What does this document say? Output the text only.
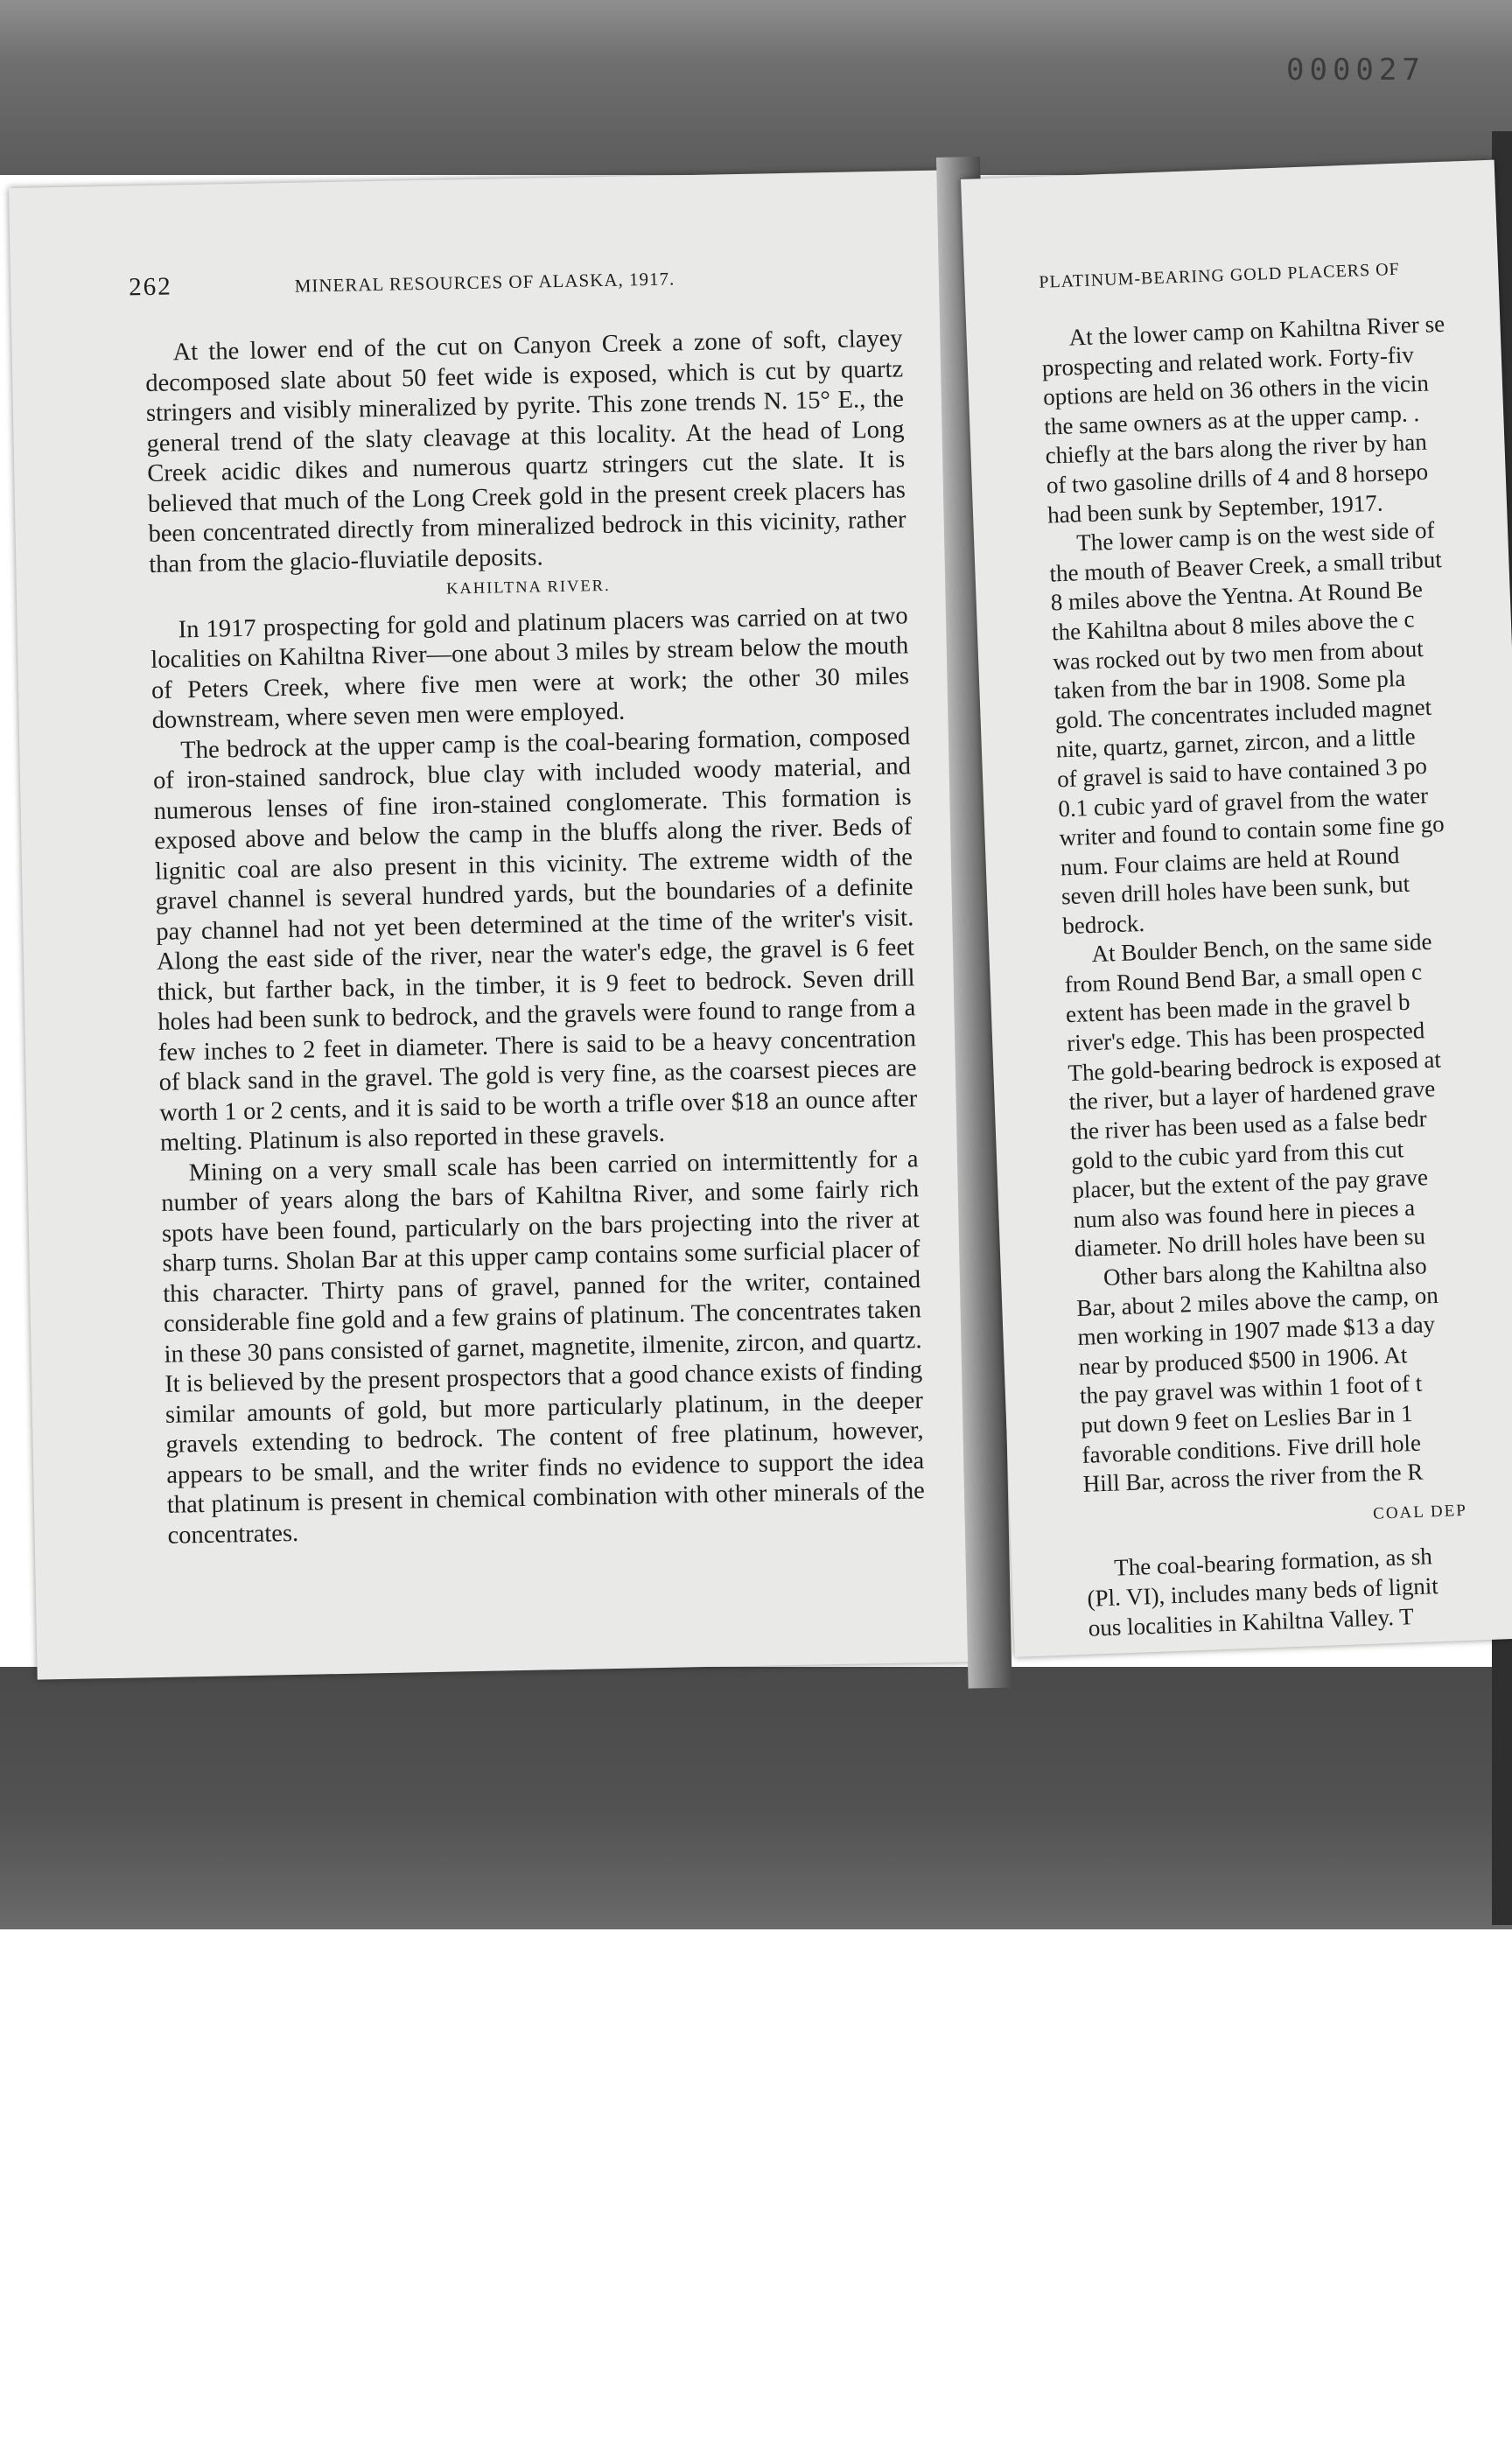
000027
262	MINERAL RESOURCES OF ALASKA, 1917.

At the lower end of the cut on Canyon Creek a zone of soft, clayey decomposed slate about 50 feet wide is exposed, which is cut by quartz stringers and visibly mineralized by pyrite. This zone trends N. 15° E., the general trend of the slaty cleavage at this locality. At the head of Long Creek acidic dikes and numerous quartz stringers cut the slate. It is believed that much of the Long Creek gold in the present creek placers has been concentrated directly from mineralized bedrock in this vicinity, rather than from the glacio-fluviatile deposits.

KAHILTNA RIVER.

In 1917 prospecting for gold and platinum placers was carried on at two localities on Kahiltna River—one about 3 miles by stream below the mouth of Peters Creek, where five men were at work; the other 30 miles downstream, where seven men were employed.

The bedrock at the upper camp is the coal-bearing formation, composed of iron-stained sandrock, blue clay with included woody material, and numerous lenses of fine iron-stained conglomerate. This formation is exposed above and below the camp in the bluffs along the river. Beds of lignitic coal are also present in this vicinity. The extreme width of the gravel channel is several hundred yards, but the boundaries of a definite pay channel had not yet been determined at the time of the writer's visit. Along the east side of the river, near the water's edge, the gravel is 6 feet thick, but farther back, in the timber, it is 9 feet to bedrock. Seven drill holes had been sunk to bedrock, and the gravels were found to range from a few inches to 2 feet in diameter. There is said to be a heavy concentration of black sand in the gravel. The gold is very fine, as the coarsest pieces are worth 1 or 2 cents, and it is said to be worth a trifle over $18 an ounce after melting. Platinum is also reported in these gravels.

Mining on a very small scale has been carried on intermittently for a number of years along the bars of Kahiltna River, and some fairly rich spots have been found, particularly on the bars projecting into the river at sharp turns. Sholan Bar at this upper camp contains some surficial placer of this character. Thirty pans of gravel, panned for the writer, contained considerable fine gold and a few grains of platinum. The concentrates taken in these 30 pans consisted of garnet, magnetite, ilmenite, zircon, and quartz. It is believed by the present prospectors that a good chance exists of finding similar amounts of gold, but more particularly platinum, in the deeper gravels extending to bedrock. The content of free platinum, however, appears to be small, and the writer finds no evidence to support the idea that platinum is present in chemical combination with other minerals of the concentrates.

PLATINUM-BEARING GOLD PLACERS OF
At the lower camp on Kahiltna River se
prospecting and related work. Forty-fiv
options are held on 36 others in the vicin
the same owners as at the upper camp. .
chiefly at the bars along the river by han
of two gasoline drills of 4 and 8 horsepo
had been sunk by September, 1917.
The lower camp is on the west side of
the mouth of Beaver Creek, a small tribut
8 miles above the Yentna. At Round Be
the Kahiltna about 8 miles above the c
was rocked out by two men from about
taken from the bar in 1908. Some pla
gold. The concentrates included magnet
nite, quartz, garnet, zircon, and a little
of gravel is said to have contained 3 po
0.1 cubic yard of gravel from the water
writer and found to contain some fine go
num. Four claims are held at Round
seven drill holes have been sunk, but
bedrock.
At Boulder Bench, on the same side
from Round Bend Bar, a small open c
extent has been made in the gravel b
river's edge. This has been prospected
The gold-bearing bedrock is exposed at
the river, but a layer of hardened grave
the river has been used as a false bedr
gold to the cubic yard from this cut
placer, but the extent of the pay grave
num also was found here in pieces a
diameter. No drill holes have been su
Other bars along the Kahiltna also
Bar, about 2 miles above the camp, on
men working in 1907 made $13 a day
near by produced $500 in 1906. At
the pay gravel was within 1 foot of t
put down 9 feet on Leslies Bar in 1
favorable conditions. Five drill hole
Hill Bar, across the river from the R
COAL DEP
The coal-bearing formation, as sh
(Pl. VI), includes many beds of lignit
ous localities in Kahiltna Valley. T
